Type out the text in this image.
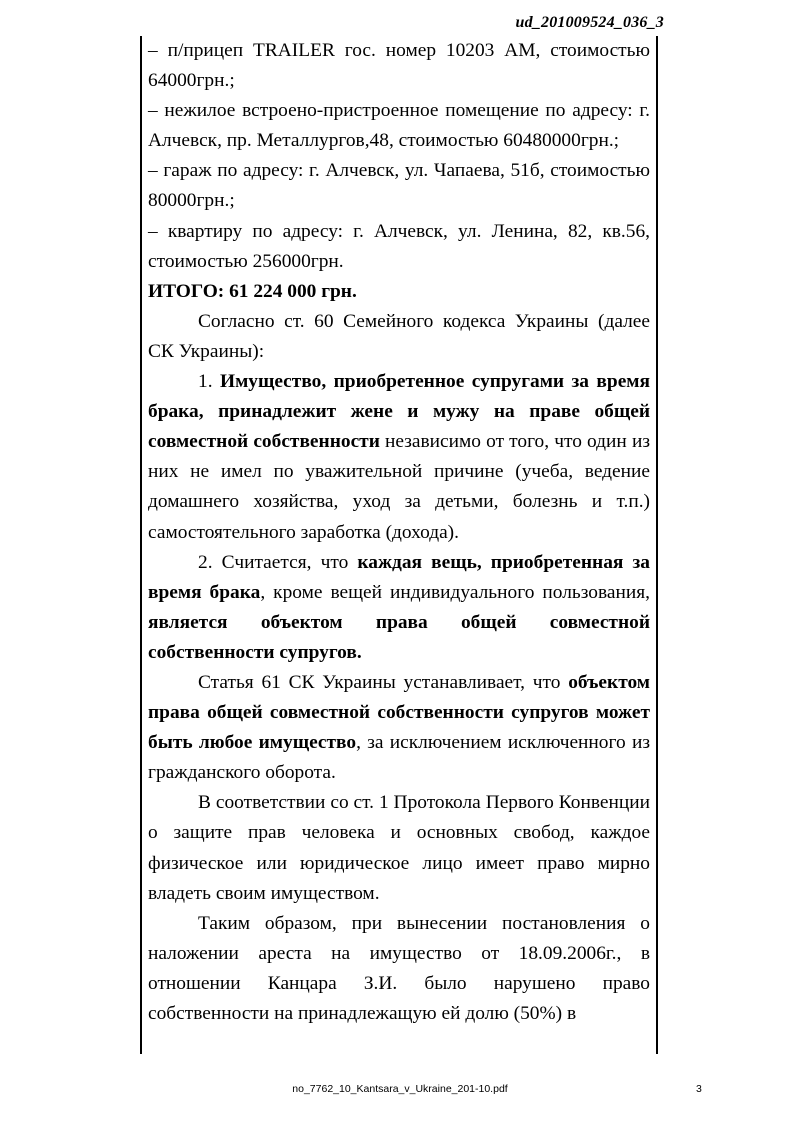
ud_201009524_036_3

– п/прицеп TRAILER гос. номер 10203 АМ, стоимостью 64000грн.;

– нежилое встроено-пристроенное помещение по адресу: г. Алчевск, пр. Металлургов,48, стоимостью 60480000грн.;

– гараж по адресу: г. Алчевск, ул. Чапаева, 51б, стоимостью 80000грн.;

– квартиру по адресу: г. Алчевск, ул. Ленина, 82, кв.56, стоимостью 256000грн.

ИТОГО: 61 224 000 грн.

Согласно ст. 60 Семейного кодекса Украины (далее СК Украины):

1. Имущество, приобретенное супругами за время брака, принадлежит жене и мужу на праве общей совместной собственности независимо от того, что один из них не имел по уважительной причине (учеба, ведение домашнего хозяйства, уход за детьми, болезнь и т.п.) самостоятельного заработка (дохода).

2. Считается, что каждая вещь, приобретенная за время брака, кроме вещей индивидуального пользования, является объектом права общей совместной собственности супругов.

Статья 61 СК Украины устанавливает, что объектом права общей совместной собственности супругов может быть любое имущество, за исключением исключенного из гражданского оборота.

В соответствии со ст. 1 Протокола Первого Конвенции о защите прав человека и основных свобод, каждое физическое или юридическое лицо имеет право мирно владеть своим имуществом.

Таким образом, при вынесении постановления о наложении ареста на имущество от 18.09.2006г., в отношении Канцара З.И. было нарушено право собственности на принадлежащую ей долю (50%) в

no_7762_10_Kantsara_v_Ukraine_201-10.pdf	3
